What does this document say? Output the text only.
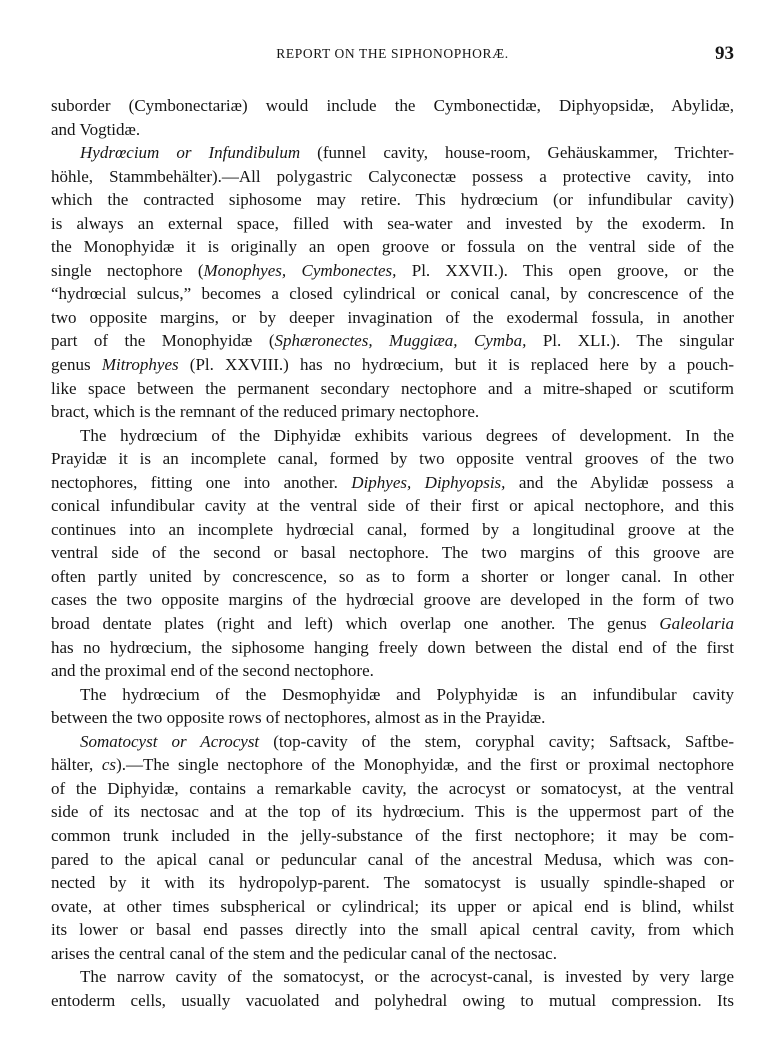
REPORT ON THE SIPHONOPHORÆ.	93
suborder (Cymbonectariæ) would include the Cymbonectidæ, Diphyopsidæ, Abylidæ,
and Vogtidæ.
Hydrœcium or Infundibulum (funnel cavity, house-room, Gehäuskammer, Trichter-
höhle, Stammbehälter).—All polygastric Calyconectæ possess a protective cavity, into
which the contracted siphosome may retire. This hydrœcium (or infundibular cavity)
is always an external space, filled with sea-water and invested by the exoderm. In
the Monophyidæ it is originally an open groove or fossula on the ventral side of the
single nectophore (Monophyes, Cymbonectes, Pl. XXVII.). This open groove, or the
“hydrœcial sulcus,” becomes a closed cylindrical or conical canal, by concrescence of the
two opposite margins, or by deeper invagination of the exodermal fossula, in another
part of the Monophyidæ (Sphæronectes, Muggiæa, Cymba, Pl. XLI.). The singular
genus Mitrophyes (Pl. XXVIII.) has no hydrœcium, but it is replaced here by a pouch-
like space between the permanent secondary nectophore and a mitre-shaped or scutiform
bract, which is the remnant of the reduced primary nectophore.
The hydrœcium of the Diphyidæ exhibits various degrees of development. In the
Prayidæ it is an incomplete canal, formed by two opposite ventral grooves of the two
nectophores, fitting one into another. Diphyes, Diphyopsis, and the Abylidæ possess a
conical infundibular cavity at the ventral side of their first or apical nectophore, and this
continues into an incomplete hydrœcial canal, formed by a longitudinal groove at the
ventral side of the second or basal nectophore. The two margins of this groove are
often partly united by concrescence, so as to form a shorter or longer canal. In other
cases the two opposite margins of the hydrœcial groove are developed in the form of two
broad dentate plates (right and left) which overlap one another. The genus Galeolaria
has no hydrœcium, the siphosome hanging freely down between the distal end of the first
and the proximal end of the second nectophore.
The hydrœcium of the Desmophyidæ and Polyphyidæ is an infundibular cavity
between the two opposite rows of nectophores, almost as in the Prayidæ.
Somatocyst or Acrocyst (top-cavity of the stem, coryphal cavity; Saftsack, Saftbe-
hälter, cs).—The single nectophore of the Monophyidæ, and the first or proximal nectophore
of the Diphyidæ, contains a remarkable cavity, the acrocyst or somatocyst, at the ventral
side of its nectosac and at the top of its hydrœcium. This is the uppermost part of the
common trunk included in the jelly-substance of the first nectophore; it may be com-
pared to the apical canal or peduncular canal of the ancestral Medusa, which was con-
nected by it with its hydropolyp-parent. The somatocyst is usually spindle-shaped or
ovate, at other times subspherical or cylindrical; its upper or apical end is blind, whilst
its lower or basal end passes directly into the small apical central cavity, from which
arises the central canal of the stem and the pedicular canal of the nectosac.
The narrow cavity of the somatocyst, or the acrocyst-canal, is invested by very large
entoderm cells, usually vacuolated and polyhedral owing to mutual compression. Its
